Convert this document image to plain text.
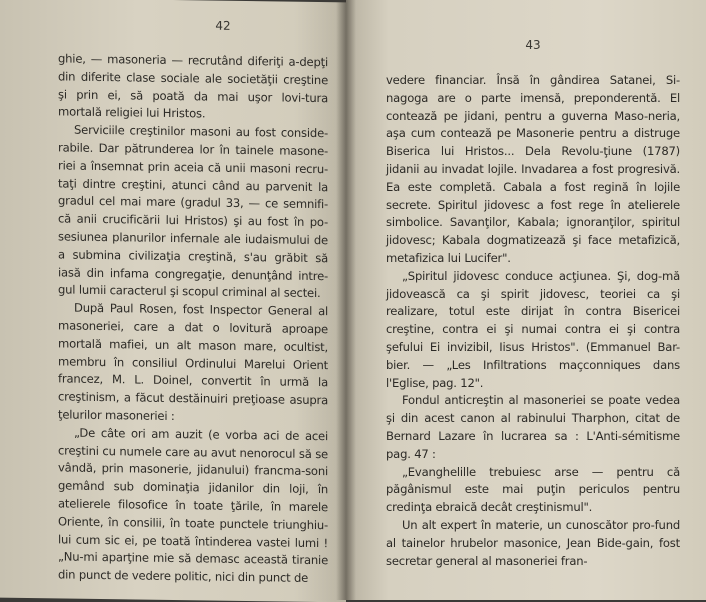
42

ghie, — masoneria — recrutând diferiţi a-depţi din diferite clase sociale ale societăţii creştine şi prin ei, să poată da mai uşor lovi-tura mortală religiei lui Hristos.

Serviciile creştinilor masoni au fost conside-rabile. Dar pătrunderea lor în tainele masone-riei a însemnat prin aceia că unii masoni recru-taţi dintre creştini, atunci când au parvenit la gradul cel mai mare (gradul 33, — ce semnifi-că anii crucificării lui Hristos) şi au fost în po-sesiunea planurilor infernale ale iudaismului de a submina civilizaţia creştină, s'au grăbit să iasă din infama congregaţie, denunţând intre-gul lumii caracterul şi scopul criminal al sectei.

După Paul Rosen, fost Inspector General al masoneriei, care a dat o lovitură aproape mortală mafiei, un alt mason mare, ocultist, membru în consiliul Ordinului Marelui Orient francez, M. L. Doinel, convertit în urmă la creştinism, a făcut destăinuiri preţioase asupra ţelurilor masoneriei :

„De câte ori am auzit (e vorba aci de acei creştini cu numele care au avut nenorocul să se vândă, prin masonerie, jidanului) francma-soni gemând sub dominaţia jidanilor din loji, în atelierele filosofice în toate ţările, în marele Oriente, în consilii, în toate punctele triunghiu-lui cum sic ei, pe toată întinderea vastei lumi ! „Nu-mi aparţine mie să demasc această tiranie din punct de vedere politic, nici din punct de

43

vedere financiar. Însă în gândirea Satanei, Si-nagoga are o parte imensă, preponderentă. El contează pe jidani, pentru a guverna Maso-neria, aşa cum contează pe Masonerie pentru a distruge Biserica lui Hristos... Dela Revolu-ţiune (1787) jidanii au invadat lojile. Invadarea a fost progresivă. Ea este completă. Cabala a fost regină în lojile secrete. Spiritul jidovesc a fost rege în atelierele simbolice. Savanţilor, Kabala; ignoranţilor, spiritul jidovesc; Kabala dogmatizează şi face metafizică, metafizica lui Lucifer".

„Spiritul jidovesc conduce acţiunea. Şi, dog-mă jidovească ca şi spirit jidovesc, teoriei ca şi realizare, totul este dirijat în contra Bisericei creştine, contra ei şi numai contra ei şi contra şefului Ei invizibil, Iisus Hristos". (Emmanuel Bar-bier. — „Les Infiltrations maçconniques dans l'Eglise, pag. 12".

Fondul anticreştin al masoneriei se poate vedea şi din acest canon al rabinului Tharphon, citat de Bernard Lazare în lucrarea sa : L'Anti-sémitisme pag. 47 :

„Evanghelille trebuiesc arse — pentru că păgânismul este mai puţin periculos pentru credinţa ebraică decât creştinismul".

Un alt expert în materie, un cunoscător pro-fund al tainelor hrubelor masonice, Jean Bide-gain, fost secretar general al masoneriei fran-
